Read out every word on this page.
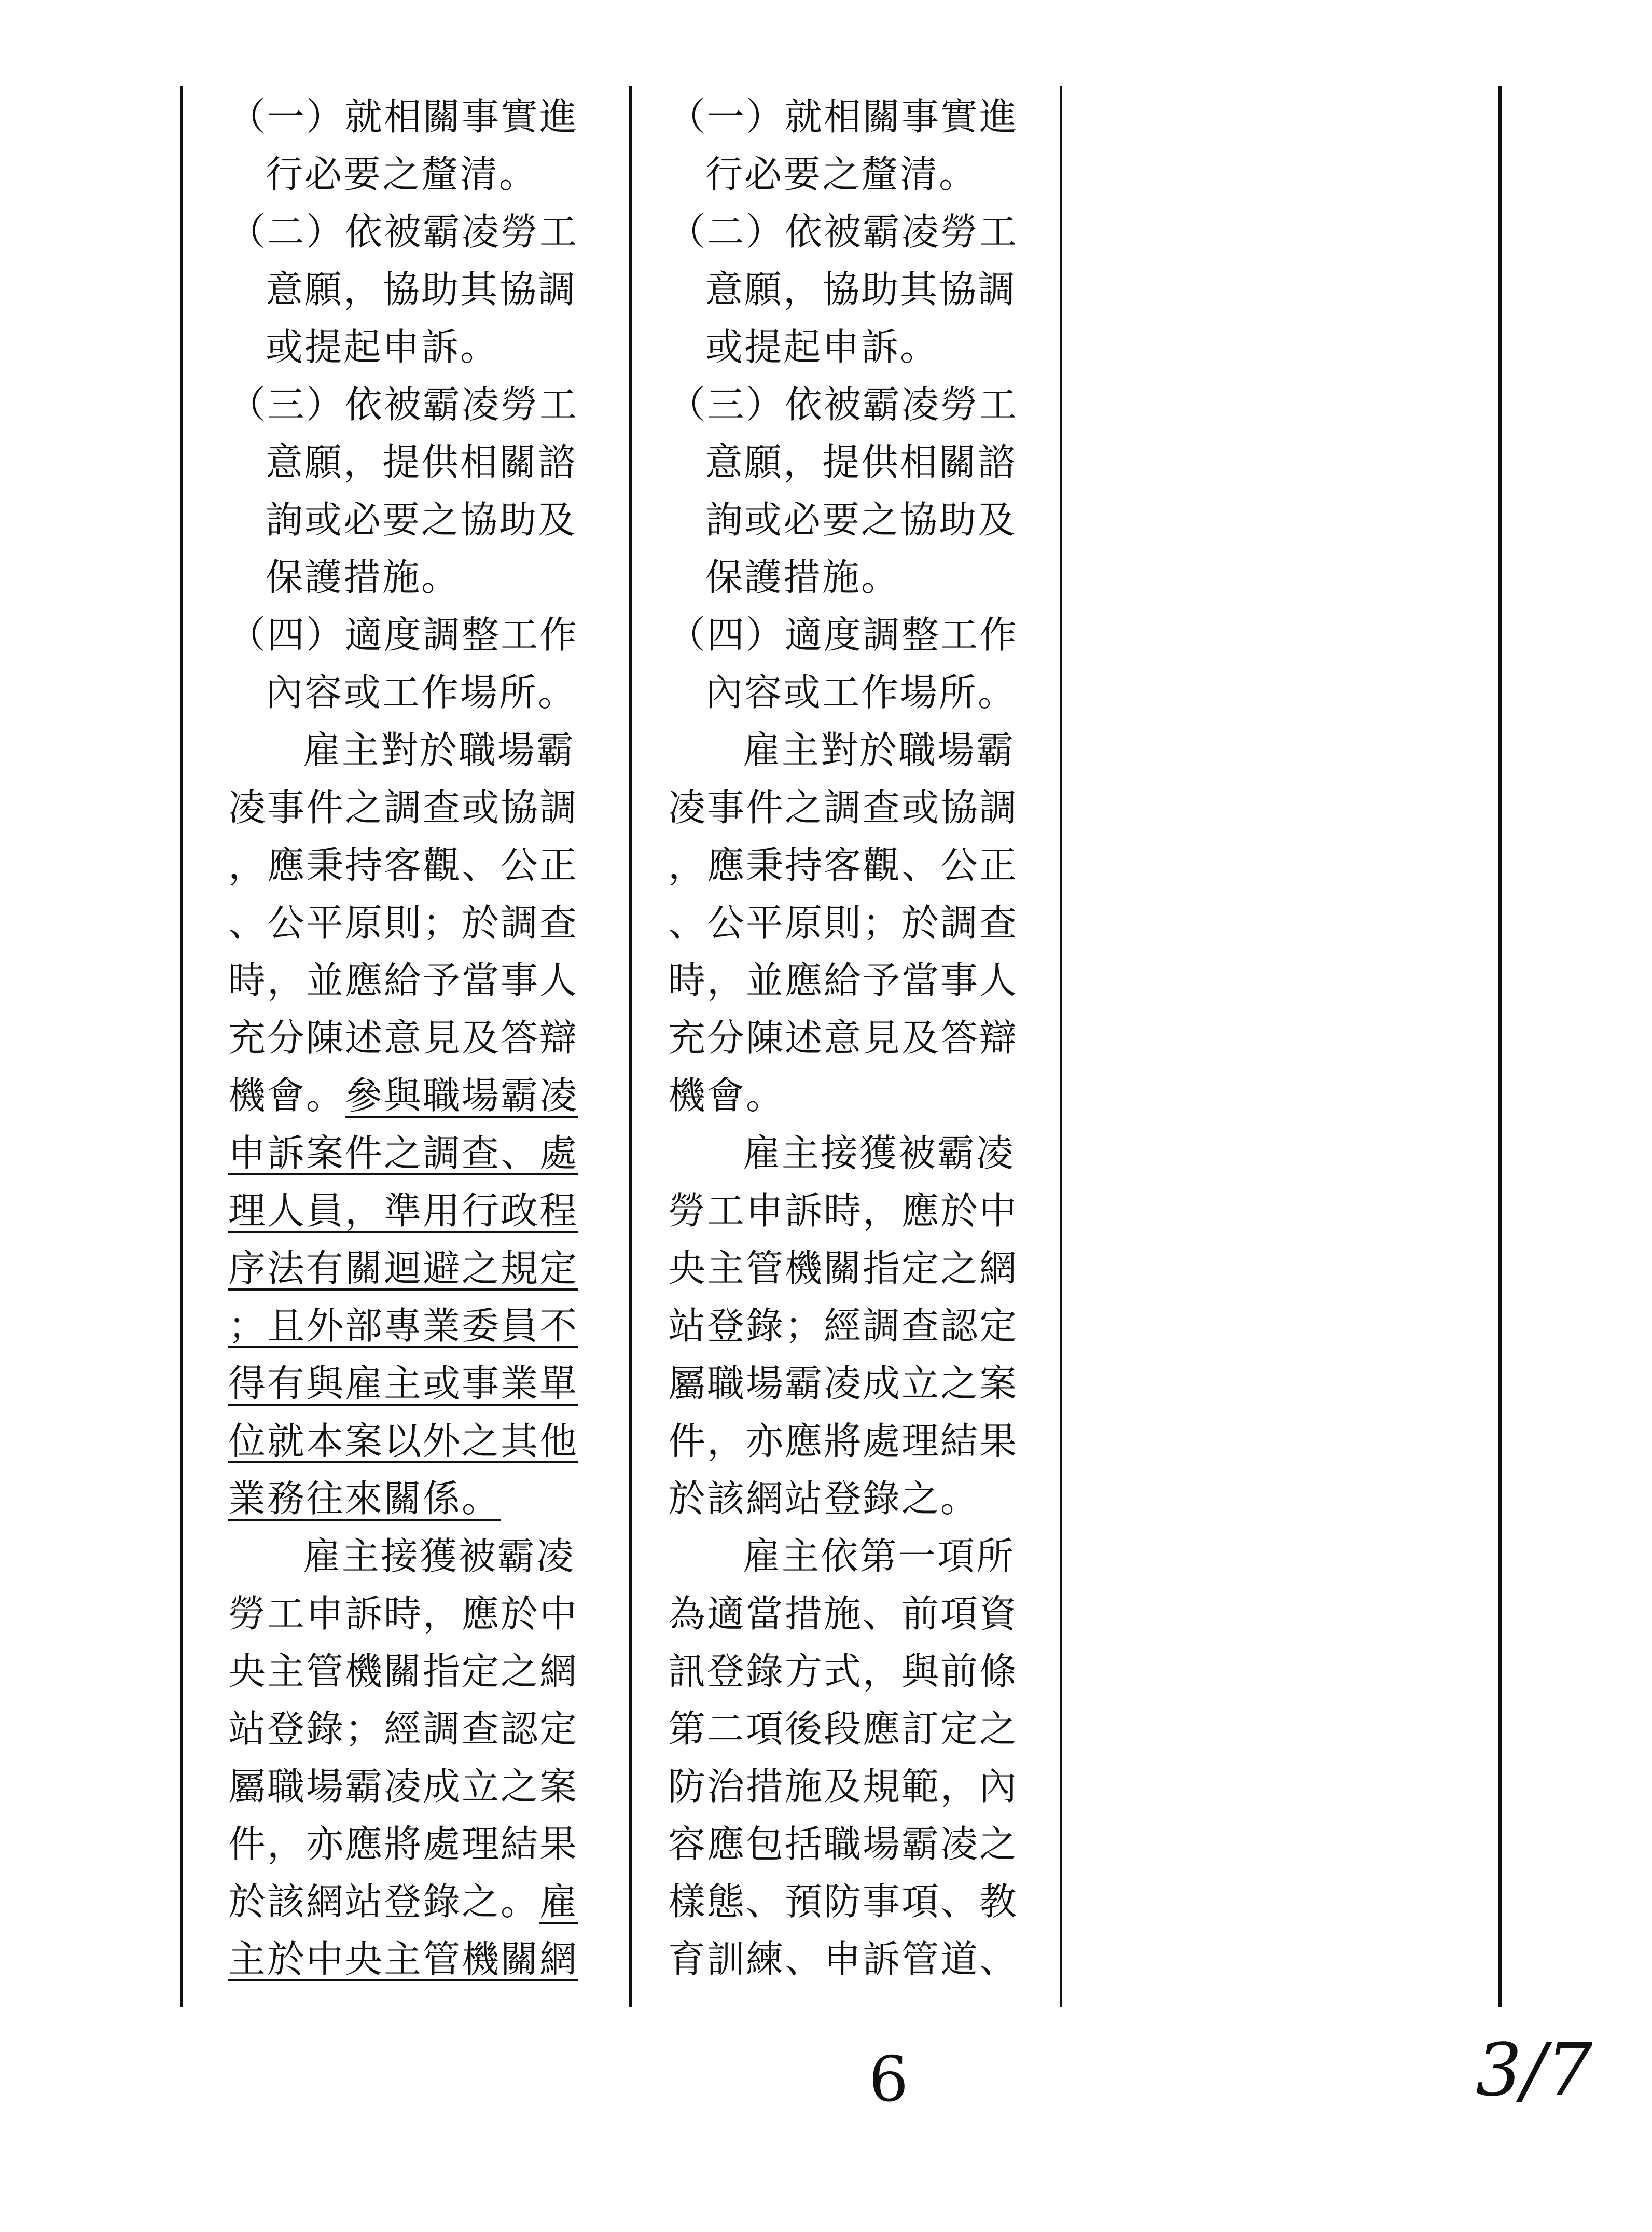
（一）就相關事實進
行必要之釐清。
（二）依被霸凌勞工
意願，協助其協調
或提起申訴。
（三）依被霸凌勞工
意願，提供相關諮
詢或必要之協助及
保護措施。
（四）適度調整工作
內容或工作場所。
雇主對於職場霸
凌事件之調查或協調
，應秉持客觀、公正
、公平原則；於調查
時，並應給予當事人
充分陳述意見及答辯
機會。參與職場霸凌
申訴案件之調查、處
理人員，準用行政程
序法有關迴避之規定
；且外部專業委員不
得有與雇主或事業單
位就本案以外之其他
業務往來關係。
雇主接獲被霸凌
勞工申訴時，應於中
央主管機關指定之網
站登錄；經調查認定
屬職場霸凌成立之案
件，亦應將處理結果
於該網站登錄之。雇
主於中央主管機關網
（一）就相關事實進
行必要之釐清。
（二）依被霸凌勞工
意願，協助其協調
或提起申訴。
（三）依被霸凌勞工
意願，提供相關諮
詢或必要之協助及
保護措施。
（四）適度調整工作
內容或工作場所。
雇主對於職場霸
凌事件之調查或協調
，應秉持客觀、公正
、公平原則；於調查
時，並應給予當事人
充分陳述意見及答辯
機會。
雇主接獲被霸凌
勞工申訴時，應於中
央主管機關指定之網
站登錄；經調查認定
屬職場霸凌成立之案
件，亦應將處理結果
於該網站登錄之。
雇主依第一項所
為適當措施、前項資
訊登錄方式，與前條
第二項後段應訂定之
防治措施及規範，內
容應包括職場霸凌之
樣態、預防事項、教
育訓練、申訴管道、
6	3/7
